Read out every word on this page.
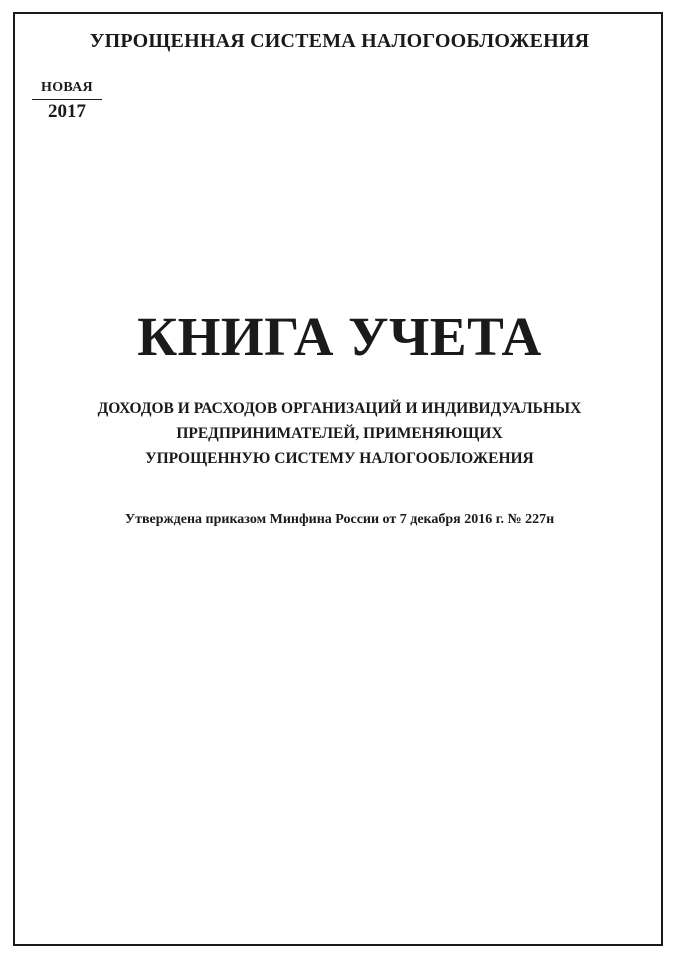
УПРОЩЕННАЯ СИСТЕМА НАЛОГООБЛОЖЕНИЯ
НОВАЯ
2017
КНИГА УЧЕТА
ДОХОДОВ И РАСХОДОВ ОРГАНИЗАЦИЙ И ИНДИВИДУАЛЬНЫХ
ПРЕДПРИНИМАТЕЛЕЙ, ПРИМЕНЯЮЩИХ
УПРОЩЕННУЮ СИСТЕМУ НАЛОГООБЛОЖЕНИЯ
Утверждена приказом Минфина России от 7 декабря 2016 г. № 227н
